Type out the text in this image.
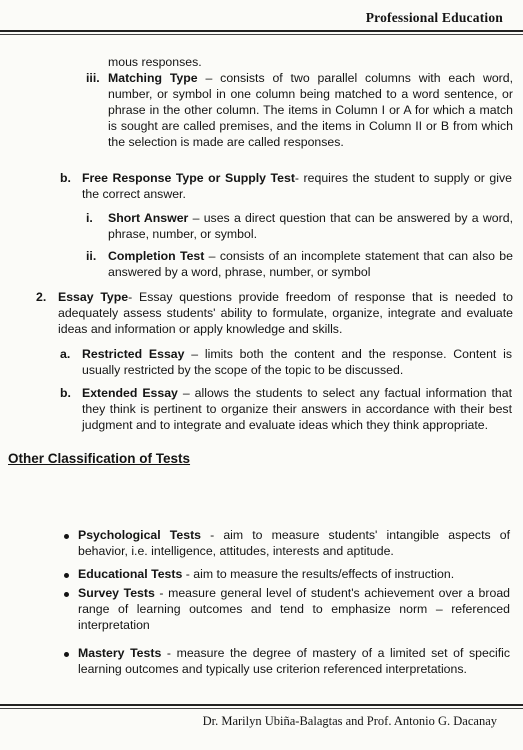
Professional Education
mous responses.
iii. Matching Type – consists of two parallel columns with each word, number, or symbol in one column being matched to a word sentence, or phrase in the other column. The items in Column I or A for which a match is sought are called premises, and the items in Column II or B from which the selection is made are called responses.
b. Free Response Type or Supply Test- requires the student to supply or give the correct answer.
i. Short Answer – uses a direct question that can be answered by a word, phrase, number, or symbol.
ii. Completion Test – consists of an incomplete statement that can also be answered by a word, phrase, number, or symbol
2. Essay Type- Essay questions provide freedom of response that is needed to adequately assess students' ability to formulate, organize, integrate and evaluate ideas and information or apply knowledge and skills.
a. Restricted Essay – limits both the content and the response. Content is usually restricted by the scope of the topic to be discussed.
b. Extended Essay – allows the students to select any factual information that they think is pertinent to organize their answers in accordance with their best judgment and to integrate and evaluate ideas which they think appropriate.
Other Classification of Tests
Psychological Tests - aim to measure students' intangible aspects of behavior, i.e. intelligence, attitudes, interests and aptitude.
Educational Tests - aim to measure the results/effects of instruction.
Survey Tests - measure general level of student's achievement over a broad range of learning outcomes and tend to emphasize norm – referenced interpretation
Mastery Tests - measure the degree of mastery of a limited set of specific learning outcomes and typically use criterion referenced interpretations.
Dr. Marilyn Ubiña-Balagtas and Prof. Antonio G. Dacanay
